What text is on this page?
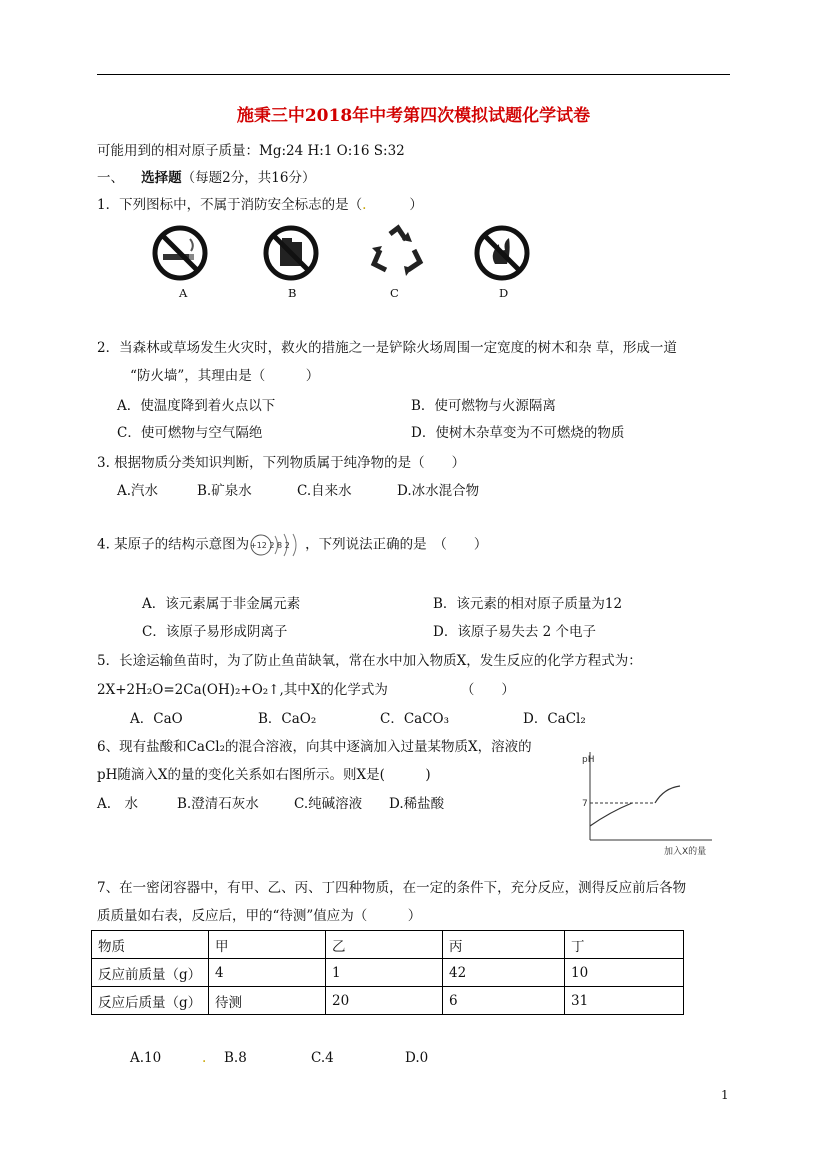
施秉三中2018年中考第四次模拟试题化学试卷
可能用到的相对原子质量：Mg:24 H:1 O:16 S:32
一、 选择题（每题2分，共16分）
1．下列图标中，不属于消防安全标志的是（.	）
A	B	C	D
2．当森林或草场发生火灾时，救火的措施之一是铲除火场周围一定宽度的树木和杂 草，形成一道
“防火墙”，其理由是（　　　）
A．使温度降到着火点以下	B．使可燃物与火源隔离
C．使可燃物与空气隔绝	D．使树木杂草变为不可燃烧的物质
3. 根据物质分类知识判断，下列物质属于纯净物的是（　　）
A.汽水	B.矿泉水	C.自来水	D.冰水混合物
4. 某原子的结构示意图为 +12 2 8 2 ，下列说法正确的是　（　　）
A．该元素属于非金属元素	B．该元素的相对原子质量为12
C．该原子易形成阴离子	D．该原子易失去 2 个电子
5．长途运输鱼苗时，为了防止鱼苗缺氧，常在水中加入物质X，发生反应的化学方程式为：
2X+2H₂O=2Ca(OH)₂+O₂↑,其中X的化学式为	（　　）
A．CaO	B．CaO₂	C．CaCO₃	D．CaCl₂
6、现有盐酸和CaCl₂的混合溶液，向其中逐滴加入过量某物质X，溶液的
pH随滴入X的量的变化关系如右图所示。则X是(　　　)
A.　水	B.澄清石灰水	C.纯碱溶液 D.稀盐酸
pH
7
加入X的量
7、在一密闭容器中，有甲、乙、丙、丁四种物质，在一定的条件下，充分反应，测得反应前后各物
质质量如右表，反应后，甲的“待测”值应为（　　　）
物质	甲	乙	丙	丁
反应前质量（g）	4	1	42	10
反应后质量（g）	待测	20	6	31
A.10	. B.8	C.4	D.0
1
